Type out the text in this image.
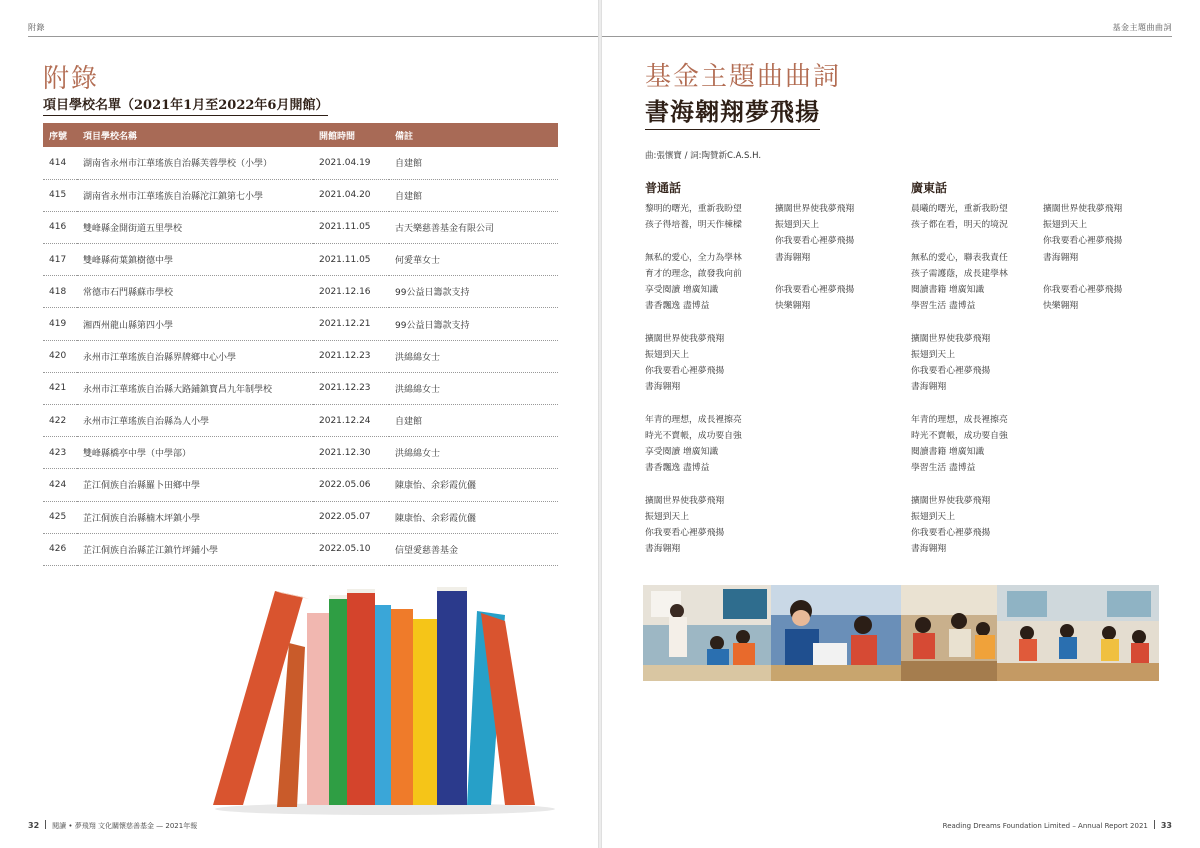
附錄
附錄
項目學校名單（2021年1月至2022年6月開館）
序號	項目學校名稱	開館時間	備註
414	湖南省永州市江華瑤族自治縣芙蓉學校（小學）	2021.04.19	自建館
415	湖南省永州市江華瑤族自治縣沱江鎮第七小學	2021.04.20	自建館
416	雙峰縣金開街道五里學校	2021.11.05	古天樂慈善基金有限公司
417	雙峰縣荷葉鎮樹德中學	2021.11.05	何愛華女士
418	常德市石門縣蘇市學校	2021.12.16	99公益日籌款支持
419	湘西州龍山縣第四小學	2021.12.21	99公益日籌款支持
420	永州市江華瑤族自治縣界牌鄉中心小學	2021.12.23	洪綿綿女士
421	永州市江華瑤族自治縣大路鋪鎮寶昌九年制學校	2021.12.23	洪綿綿女士
422	永州市江華瑤族自治縣為人小學	2021.12.24	自建館
423	雙峰縣橋亭中學（中學部）	2021.12.30	洪綿綿女士
424	芷江侗族自治縣羅卜田鄉中學	2022.05.06	陳康怡、余彩霞伉儷
425	芷江侗族自治縣楠木坪鎮小學	2022.05.07	陳康怡、余彩霞伉儷
426	芷江侗族自治縣芷江鎮竹坪鋪小學	2022.05.10	信望愛慈善基金
32 閱讀 • 夢飛翔 文化關懷慈善基金 — 2021年報
基金主題曲曲詞
基金主題曲曲詞
書海翱翔夢飛揚
曲:張懷寶 / 詞:陶贊新C.A.S.H.
普通話
黎明的曙光，重新我盼望
孩子得培養，明天作棟樑
無私的愛心，全力為學林
育才的理念，啟發我向前
享受閱讀 增廣知識
書香飄逸 盡博益
擴闊世界使我夢飛翔
振翅到天上
你我要看心裡夢飛揚
書海翱翔
年青的理想，成長裡擦亮
時光不賣帳，成功要自強
享受閱讀 增廣知識
書香飄逸 盡博益
擴闊世界使我夢飛翔
振翅到天上
你我要看心裡夢飛揚
書海翱翔
擴闊世界使我夢飛翔
振翅到天上
你我要看心裡夢飛揚
書海翱翔
你我要看心裡夢飛揚
快樂翱翔
廣東話
晨曦的曙光，重新我盼望
孩子都在看，明天的境況
無私的愛心，聯表我責任
孩子需護蔭，成長建學林
閱讀書籍 增廣知識
學習生活 盡博益
擴闊世界使我夢飛翔
振翅到天上
你我要看心裡夢飛揚
書海翱翔
年青的理想，成長裡擦亮
時光不賣帳，成功要自強
閱讀書籍 增廣知識
學習生活 盡博益
擴闊世界使我夢飛翔
振翅到天上
你我要看心裡夢飛揚
書海翱翔
擴闊世界使我夢飛翔
振翅到天上
你我要看心裡夢飛揚
書海翱翔
你我要看心裡夢飛揚
快樂翱翔
Reading Dreams Foundation Limited – Annual Report 2021 33
